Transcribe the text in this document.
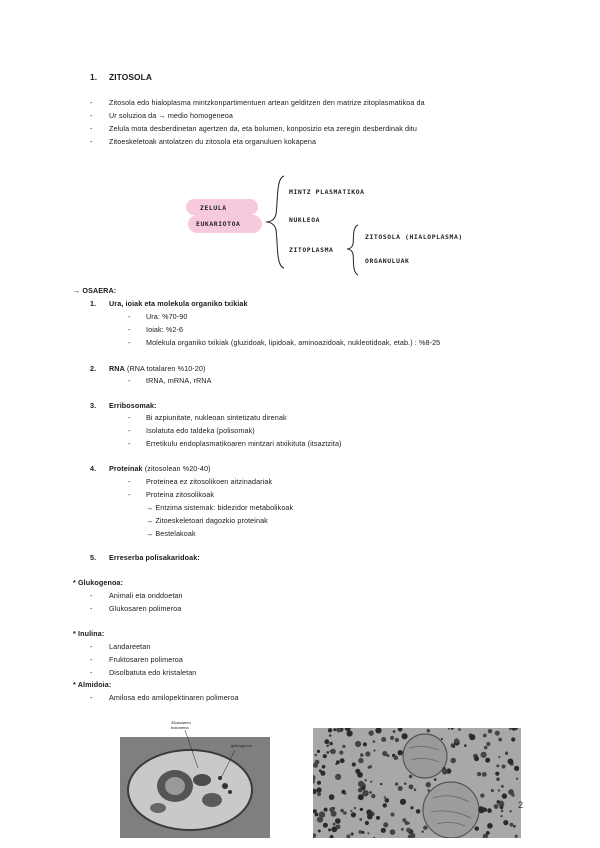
1. ZITOSOLA
- Zitosola edo hialoplasma mintzkonpartimentuen artean gelditzen den matrize zitoplasmatikoa da
- Ur soluzioa da → medio homogeneoa
- Zelula mota desberdinetan agertzen da, eta bolumen, konposizio eta zeregin desberdinak ditu
- Zitoeskeletoak antolatzen du zitosola eta organuluen kokapena
ZELULA
EUKARIOTOA
MINTZ PLASMATIKOA
NUKLEOA
ZITOPLASMA
ZITOSOLA (HIALOPLASMA)
ORGANULUAK
→ OSAERA:
1. Ura, ioiak eta molekula organiko txikiak
- Ura: %70-90
- Ioiak: %2-6
- Molekula organiko txikiak (gluzidoak, lipidoak, aminoazidoak, nukleotidoak, etab.) : %8-25
2. RNA (RNA totalaren %10-20)
- tRNA, mRNA, rRNA
3. Erribosomak:
- Bi azpiunitate, nukleoan sintetizatu direnak
- Isolatuta edo taldeka (polisomak)
- Erretikulu endoplasmatikoaren mintzari atxikituta (itsaztzita)
4. Proteinak (zitosolean %20-40)
- Proteinea ez zitosolikoen aitzinadariak
- Proteina zitosolikoak
→ Entzima sistemak: bidezidor metabolikoak
→ Zitoeskeletoari dagozkio proteinak
→ Bestelakoak
5. Erreserba polisakaridoak:
* Glukogenoa:
- Animali eta onddoetan
- Glukosaren polimeroa
* Inulina:
- Landareetan
- Fruktosaren polimeroa
- Disolbatuta edo kristaletan
* Almidoia:
- Amilosa edo amilopektinaren polimeroa
Zitosolaren
bolumena
glukogenoa
2
